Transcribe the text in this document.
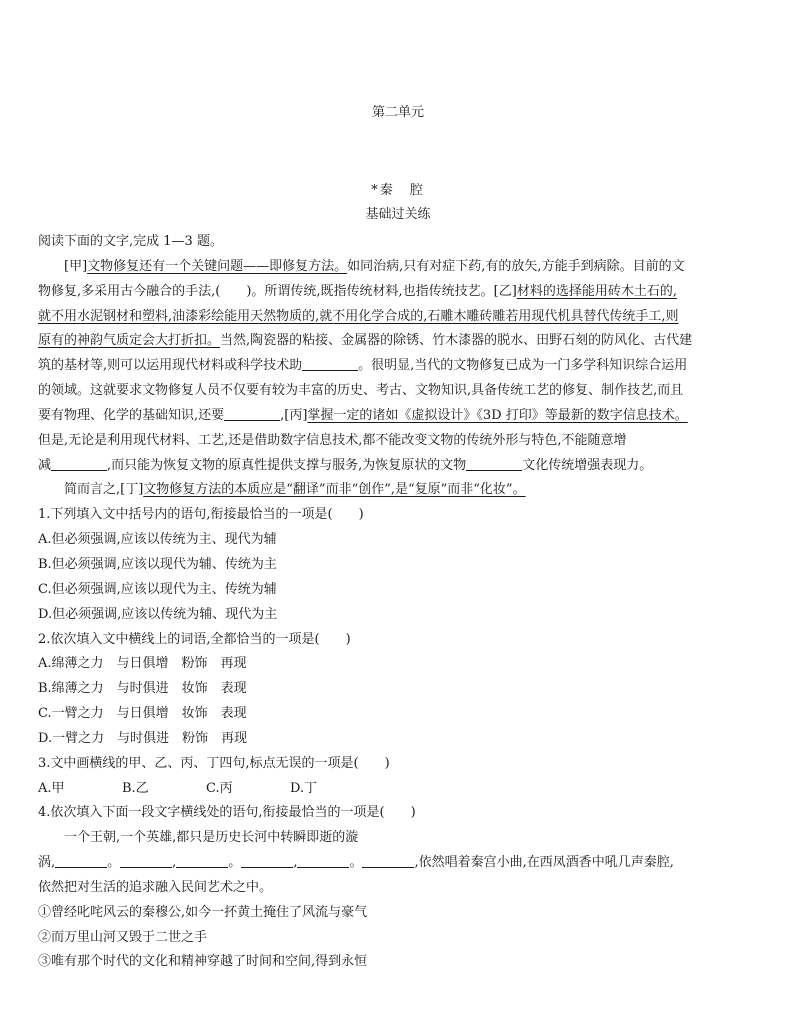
第二单元
*秦　腔
基础过关练
阅读下面的文字,完成 1—3 题。
[甲]文物修复还有一个关键问题——即修复方法。如同治病,只有对症下药,有的放矢,方能手到病除。目前的文
物修复,多采用古今融合的手法,(　　)。所谓传统,既指传统材料,也指传统技艺。[乙]材料的选择能用砖木土石的,
就不用水泥钢材和塑料,油漆彩绘能用天然物质的,就不用化学合成的,石雕木雕砖雕若用现代机具替代传统手工,则
原有的神韵气质定会大打折扣。当然,陶瓷器的粘接、金属器的除锈、竹木漆器的脱水、田野石刻的防风化、古代建
筑的基材等,则可以运用现代材料或科学技术助	。很明显,当代的文物修复已成为一门多学科知识综合运用
的领域。这就要求文物修复人员不仅要有较为丰富的历史、考古、文物知识,具备传统工艺的修复、制作技艺,而且
要有物理、化学的基础知识,还要	,[丙]掌握一定的诸如《虚拟设计》《3D 打印》等最新的数字信息技术。
但是,无论是利用现代材料、工艺,还是借助数字信息技术,都不能改变文物的传统外形与特色,不能随意增
减	,而只能为恢复文物的原真性提供支撑与服务,为恢复原状的文物	文化传统增强表现力。
简而言之,[丁]文物修复方法的本质应是“翻译”而非“创作”,是“复原”而非“化妆”。
1.下列填入文中括号内的语句,衔接最恰当的一项是(　　)
A.但必须强调,应该以传统为主、现代为辅
B.但必须强调,应该以现代为辅、传统为主
C.但必须强调,应该以现代为主、传统为辅
D.但必须强调,应该以传统为辅、现代为主
2.依次填入文中横线上的词语,全都恰当的一项是(　　)
A.绵薄之力　与日俱增　粉饰　再现
B.绵薄之力　与时俱进　妆饰　表现
C.一臂之力　与日俱增　妆饰　表现
D.一臂之力　与时俱进　粉饰　再现
3.文中画横线的甲、乙、丙、丁四句,标点无误的一项是(　　)
A.甲	B.乙	C.丙	D.丁
4.依次填入下面一段文字横线处的语句,衔接最恰当的一项是(　　)
一个王朝,一个英雄,都只是历史长河中转瞬即逝的漩
涡,	。	,	。	,	。	,依然唱着秦宫小曲,在西凤酒香中吼几声秦腔,
依然把对生活的追求融入民间艺术之中。
①曾经叱咤风云的秦穆公,如今一抔黄土掩住了风流与豪气
②而万里山河又毁于二世之手
③唯有那个时代的文化和精神穿越了时间和空间,得到永恒
